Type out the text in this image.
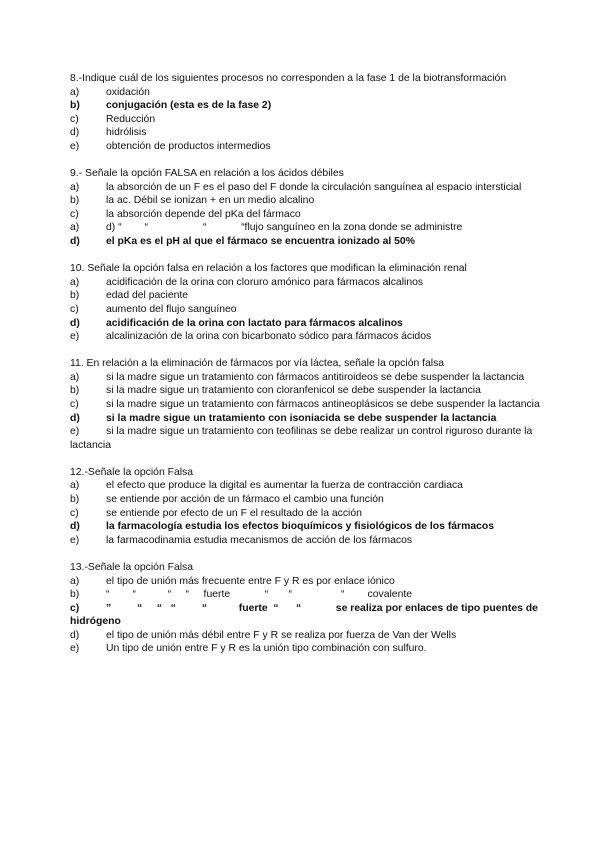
8.-Indique cuál de los siguientes procesos no corresponden a la fase 1 de la biotransformación

a)	oxidación
b)	conjugación (esta es de la fase 2)
c)	Reducción
d)	hidrólisis
e)	obtención de productos intermedios

9.- Señale la opción FALSA en relación a los ácidos débiles

a)	la absorción de un F es el paso del F donde la circulación sanguínea al espacio intersticial
b)	la ac. Débil se ionizan + en un medio alcalino
c)	la absorción depende del pKa del fármaco
a)	d) “        “                   “            “flujo sanguíneo en la zona donde se administre
d)	el pKa es el pH al que el fármaco se encuentra ionizado al 50%

10. Señale la opción falsa en relación a los factores que modifican la eliminación renal

a)	acidificación de la orina con cloruro amónico para fármacos alcalinos
b)	edad del paciente
c)	aumento del flujo sanguíneo
d)	acidificación de la orina con lactato para fármacos alcalinos
e)	alcalinización de la orina con bicarbonato sódico para fármacos ácidos

11. En relación a la eliminación de fármacos por vía láctea, señale la opción falsa

a)	si la madre sigue un tratamiento con fármacos antitiroideos se debe suspender la lactancia

b)	si la madre sigue un tratamiento con cloranfenicol se debe suspender la lactancia

c)	si la madre sigue un tratamiento con fármacos antineoplásicos se debe suspender la lactancia

d)	si la madre sigue un tratamiento con isoniacida se debe suspender la lactancia

e)	si la madre sigue un tratamiento con teofilinas se debe realizar un control riguroso durante la lactancia

12.-Señale la opción Falsa

a)	el efecto que produce la digital es aumentar la fuerza de contracción cardiaca
b)	se entiende por acción de un fármaco el cambio una función
c)	se entiende por efecto de un F el resultado de la acción
d)	la farmacología estudia los efectos bioquímicos y fisiológicos de los fármacos
e)	la farmacodinamia estudia mecanismos de acción de los fármacos

13.-Señale la opción Falsa

a)	el tipo de unión más frecuente entre F y R es por enlace iónico
b)	“        “           “     “     fuerte            “       “                 “        covalente

c)	”         “     “   “         “           fuerte  “      “            se realiza por enlaces de tipo puentes de hidrógeno

d)	el tipo de unión más débil entre F y R se realiza por fuerza de Van der Wells
e)	Un tipo de unión entre F y R es la unión tipo combinación con sulfuro.
